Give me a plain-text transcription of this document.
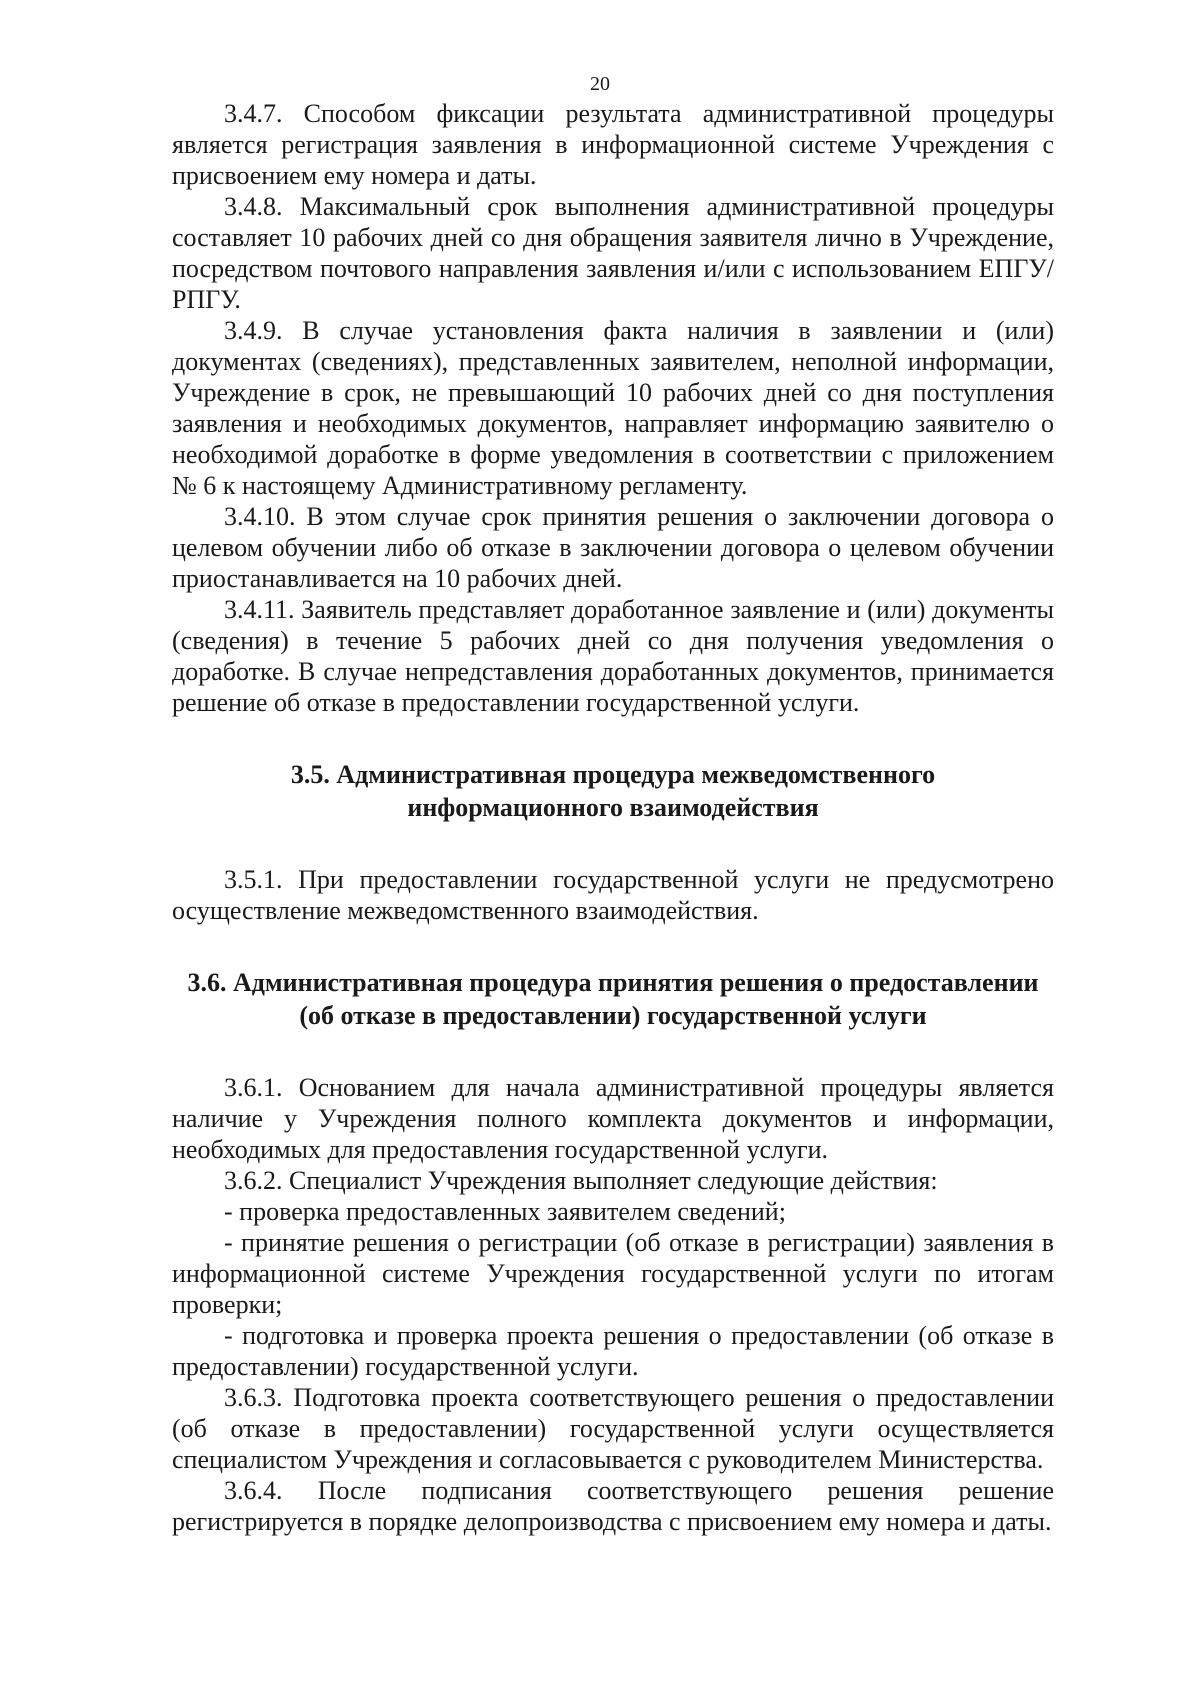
20

3.4.7. Способом фиксации результата административной процедуры является регистрация заявления в информационной системе Учреждения с присвоением ему номера и даты.

3.4.8. Максимальный срок выполнения административной процедуры составляет 10 рабочих дней со дня обращения заявителя лично в Учреждение, посредством почтового направления заявления и/или с использованием ЕПГУ/РПГУ.

3.4.9. В случае установления факта наличия в заявлении и (или) документах (сведениях), представленных заявителем, неполной информации, Учреждение в срок, не превышающий 10 рабочих дней со дня поступления заявления и необходимых документов, направляет информацию заявителю о необходимой доработке в форме уведомления в соответствии с приложением № 6 к настоящему Административному регламенту.

3.4.10. В этом случае срок принятия решения о заключении договора о целевом обучении либо об отказе в заключении договора о целевом обучении приостанавливается на 10 рабочих дней.

3.4.11. Заявитель представляет доработанное заявление и (или) документы (сведения) в течение 5 рабочих дней со дня получения уведомления о доработке. В случае непредставления доработанных документов, принимается решение об отказе в предоставлении государственной услуги.

3.5. Административная процедура межведомственного
информационного взаимодействия

3.5.1. При предоставлении государственной услуги не предусмотрено осуществление межведомственного взаимодействия.

3.6. Административная процедура принятия решения о предоставлении
(об отказе в предоставлении) государственной услуги

3.6.1. Основанием для начала административной процедуры является наличие у Учреждения полного комплекта документов и информации, необходимых для предоставления государственной услуги.

3.6.2. Специалист Учреждения выполняет следующие действия:

- проверка предоставленных заявителем сведений;

- принятие решения о регистрации (об отказе в регистрации) заявления в информационной системе Учреждения государственной услуги по итогам проверки;

- подготовка и проверка проекта решения о предоставлении (об отказе в предоставлении) государственной услуги.

3.6.3. Подготовка проекта соответствующего решения о предоставлении (об отказе в предоставлении) государственной услуги осуществляется специалистом Учреждения и согласовывается с руководителем Министерства.

3.6.4. После подписания соответствующего решения решение регистрируется в порядке делопроизводства с присвоением ему номера и даты.
